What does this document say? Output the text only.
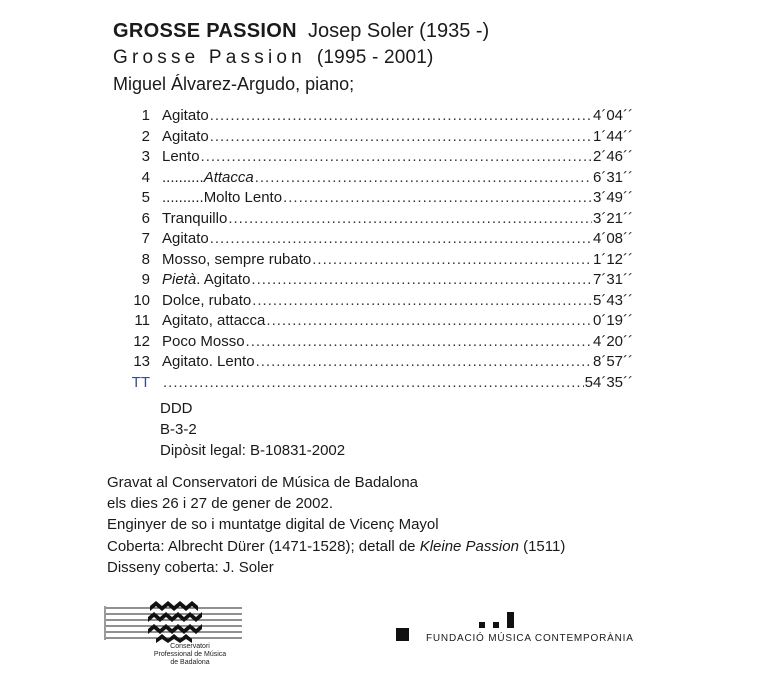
GROSSE PASSION Josep Soler (1935 -)
Grosse Passion (1995 - 2001)
Miguel Álvarez-Argudo, piano;
1 Agitato .....	4´04´´
2 Agitato .....	1´44´´
3 Lento .....	2´46´´
4 .......... Attacca .....	6´31´´
5 .......... Molto Lento .....	3´49´´
6 Tranquillo .....	3´21´´
7 Agitato .....	4´08´´
8 Mosso, sempre rubato .....	1´12´´
9 Pietà . Agitato .....	7´31´´
10 Dolce, rubato .....	5´43´´
11 Agitato, attacca .....	0´19´´
12 Poco Mosso .....	4´20´´
13 Agitato. Lento .....	8´57´´
TT .....	54´35´´
DDD
B-3-2
Dipòsit legal: B-10831-2002
Gravat al Conservatori de Música de Badalona
els dies 26 i 27 de gener de 2002.
Enginyer de so i muntatge digital de Vicenç Mayol
Coberta: Albrecht Dürer (1471-1528); detall de Kleine Passion (1511)
Disseny coberta: J. Soler
Conservatori
Professional de Música
de Badalona
FUNDACIÓ MÚSICA CONTEMPORÀNIA
